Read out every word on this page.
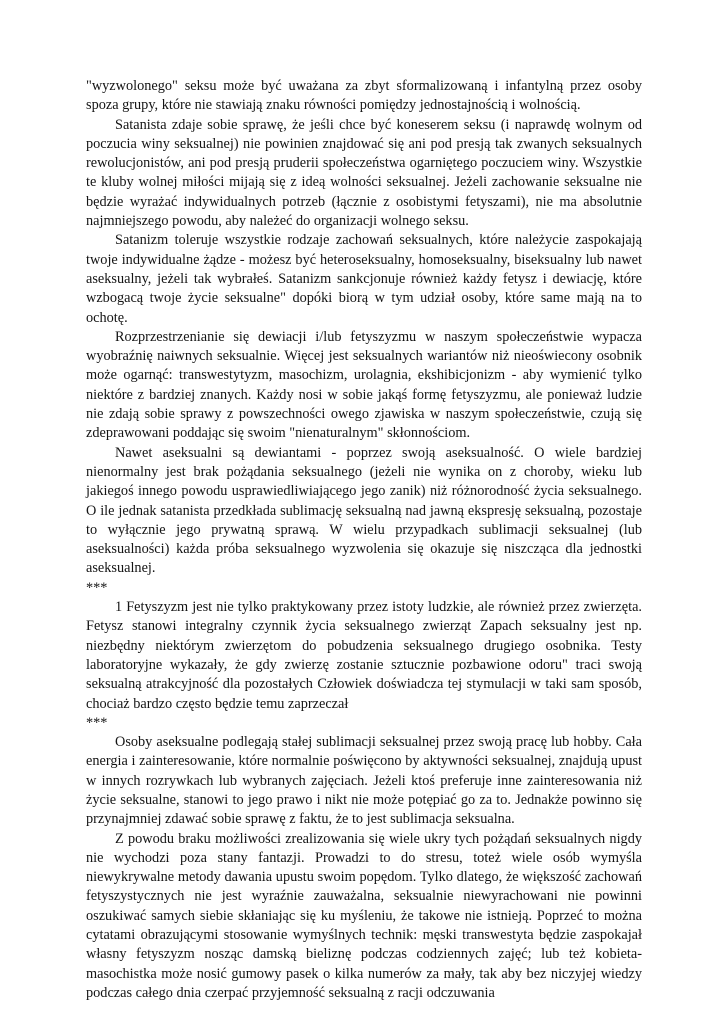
"wyzwolonego" seksu może być uważana za zbyt sformalizowaną i infantylną przez osoby spoza grupy, które nie stawiają znaku równości pomiędzy jednostajnością i wolnością.

Satanista zdaje sobie sprawę, że jeśli chce być koneserem seksu (i naprawdę wolnym od poczucia winy seksualnej) nie powinien znajdować się ani pod presją tak zwanych seksualnych rewolucjonistów, ani pod presją pruderii społeczeństwa ogarniętego poczuciem winy. Wszystkie te kluby wolnej miłości mijają się z ideą wolności seksualnej. Jeżeli zachowanie seksualne nie będzie wyrażać indywidualnych potrzeb (łącznie z osobistymi fetyszami), nie ma absolutnie najmniejszego powodu, aby należeć do organizacji wolnego seksu.

Satanizm toleruje wszystkie rodzaje zachowań seksualnych, które należycie zaspokajają twoje indywidualne żądze - możesz być heteroseksualny, homoseksualny, biseksualny lub nawet aseksualny, jeżeli tak wybrałeś. Satanizm sankcjonuje również każdy fetysz i dewiację, które wzbogacą twoje życie seksualne" dopóki biorą w tym udział osoby, które same mają na to ochotę.

Rozprzestrzenianie się dewiacji i/lub fetyszyzmu w naszym społeczeństwie wypacza wyobraźnię naiwnych seksualnie. Więcej jest seksualnych wariantów niż nieoświecony osobnik może ogarnąć: transwestytyzm, masochizm, urolagnia, ekshibicjonizm - aby wymienić tylko niektóre z bardziej znanych. Każdy nosi w sobie jakąś formę fetyszyzmu, ale ponieważ ludzie nie zdają sobie sprawy z powszechności owego zjawiska w naszym społeczeństwie, czują się zdeprawowani poddając się swoim "nienaturalnym" skłonnościom.

Nawet aseksualni są dewiantami - poprzez swoją aseksualność. O wiele bardziej nienormalny jest brak pożądania seksualnego (jeżeli nie wynika on z choroby, wieku lub jakiegoś innego powodu usprawiedliwiającego jego zanik) niż różnorodność życia seksualnego. O ile jednak satanista przedkłada sublimację seksualną nad jawną ekspresję seksualną, pozostaje to wyłącznie jego prywatną sprawą. W wielu przypadkach sublimacji seksualnej (lub aseksualności) każda próba seksualnego wyzwolenia się okazuje się niszcząca dla jednostki aseksualnej.

***

1 Fetyszyzm jest nie tylko praktykowany przez istoty ludzkie, ale również przez zwierzęta. Fetysz stanowi integralny czynnik życia seksualnego zwierząt Zapach seksualny jest np. niezbędny niektórym zwierzętom do pobudzenia seksualnego drugiego osobnika. Testy laboratoryjne wykazały, że gdy zwierzę zostanie sztucznie pozbawione odoru" traci swoją seksualną atrakcyjność dla pozostałych Człowiek doświadcza tej stymulacji w taki sam sposób, chociaż bardzo często będzie temu zaprzeczał

***

Osoby aseksualne podlegają stałej sublimacji seksualnej przez swoją pracę lub hobby. Cała energia i zainteresowanie, które normalnie poświęcono by aktywności seksualnej, znajdują upust w innych rozrywkach lub wybranych zajęciach. Jeżeli ktoś preferuje inne zainteresowania niż życie seksualne, stanowi to jego prawo i nikt nie może potępiać go za to. Jednakże powinno się przynajmniej zdawać sobie sprawę z faktu, że to jest sublimacja seksualna.

Z powodu braku możliwości zrealizowania się wiele ukry tych pożądań seksualnych nigdy nie wychodzi poza stany fantazji. Prowadzi to do stresu, toteż wiele osób wymyśla niewykrywalne metody dawania upustu swoim popędom. Tylko dlatego, że większość zachowań fetyszystycznych nie jest wyraźnie zauważalna, seksualnie niewyrachowani nie powinni oszukiwać samych siebie skłaniając się ku myśleniu, że takowe nie istnieją. Poprzeć to można cytatami obrazującymi stosowanie wymyślnych technik: męski transwestyta będzie zaspokajał własny fetyszyzm nosząc damską bieliznę podczas codziennych zajęć; lub też kobieta-masochistka może nosić gumowy pasek o kilka numerów za mały, tak aby bez niczyjej wiedzy podczas całego dnia czerpać przyjemność seksualną z racji odczuwania
